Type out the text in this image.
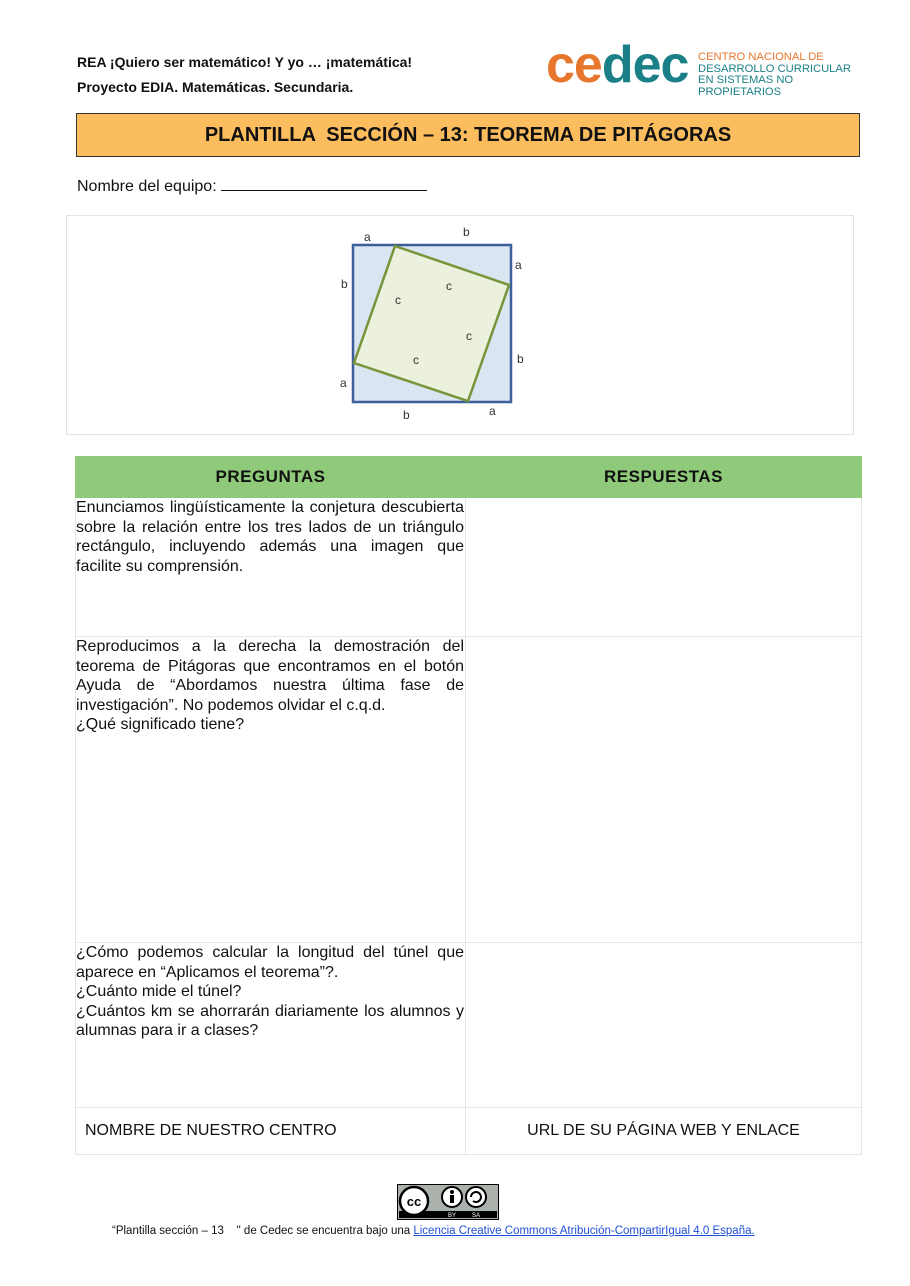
REA ¡Quiero ser matemático! Y yo … ¡matemática!
Proyecto EDIA. Matemáticas. Secundaria.	cedec CENTRO NACIONAL DE
DESARROLLO CURRICULAR
EN SISTEMAS NO PROPIETARIOS
PLANTILLA  SECCIÓN – 13: TEOREMA DE PITÁGORAS
Nombre del equipo:
a	b
a
b
b	a
b
a
c
c
c
c
PREGUNTAS	RESPUESTAS

Enunciamos lingüísticamente la conjetura descubierta sobre la relación entre los tres lados de un triángulo rectángulo, incluyendo además una imagen que facilite su comprensión.	

Reproducimos a la derecha la demostración del teorema de Pitágoras que encontramos en el botón Ayuda de “Abordamos nuestra última fase de investigación”. No podemos olvidar el c.q.d.
¿Qué significado tiene?	

¿Cómo podemos calcular la longitud del túnel que aparece en “Aplicamos el teorema”?.
¿Cuánto mide el túnel?
¿Cuántos km se ahorrarán diariamente los alumnos y alumnas para ir a clases?	

NOMBRE DE NUESTRO CENTRO	URL DE SU PÁGINA WEB Y ENLACE
cc
BY	SA
“Plantilla sección – 13    " de Cedec se encuentra bajo una Licencia Creative Commons Atribución-CompartirIgual 4.0 España.
